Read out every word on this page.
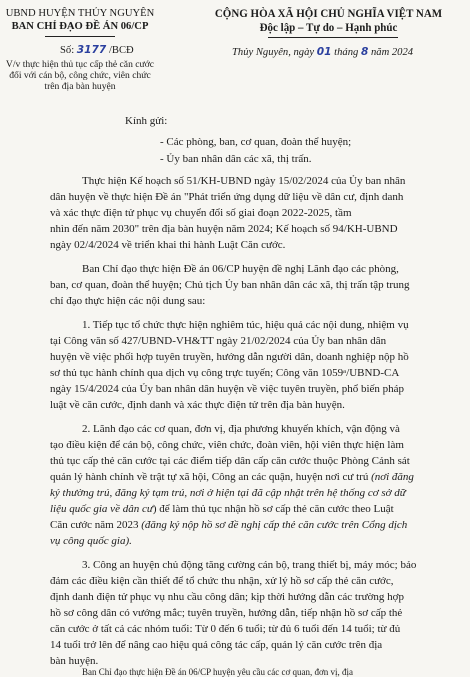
UBND HUYỆN THỦY NGUYÊN
BAN CHỈ ĐẠO ĐỀ ÁN 06/CP
Số: 3177 /BCĐ
V/v thực hiện thủ tục cấp thẻ căn cước
đối với cán bộ, công chức, viên chức
trên địa bàn huyện
CỘNG HÒA XÃ HỘI CHỦ NGHĨA VIỆT NAM
Độc lập – Tự do – Hạnh phúc
Thủy Nguyên, ngày 01 tháng 8 năm 2024
Kính gửi:
- Các phòng, ban, cơ quan, đoàn thể huyện;
- Ủy ban nhân dân các xã, thị trấn.
Thực hiện Kế hoạch số 51/KH-UBND ngày 15/02/2024 của Ủy ban nhân
dân huyện về thực hiện Đề án "Phát triển ứng dụng dữ liệu về dân cư, định danh
và xác thực điện tử phục vụ chuyển đổi số giai đoạn 2022-2025, tầm
nhìn đến năm 2030" trên địa bàn huyện năm 2024; Kế hoạch số 94/KH-UBND
ngày 02/4/2024 về triển khai thi hành Luật Căn cước.
Ban Chỉ đạo thực hiện Đề án 06/CP huyện đề nghị Lãnh đạo các phòng,
ban, cơ quan, đoàn thể huyện; Chủ tịch Ủy ban nhân dân các xã, thị trấn tập trung
chỉ đạo thực hiện các nội dung sau:
1. Tiếp tục tổ chức thực hiện nghiêm túc, hiệu quả các nội dung, nhiệm vụ
tại Công văn số 427/UBND-VH&TT ngày 21/02/2024 của Ủy ban nhân dân
huyện về việc phối hợp tuyên truyền, hướng dẫn người dân, doanh nghiệp nộp hồ
sơ thủ tục hành chính qua dịch vụ công trực tuyến; Công văn 1059ᵃ/UBND-CA
ngày 15/4/2024 của Ủy ban nhân dân huyện về việc tuyên truyền, phổ biến pháp
luật về căn cước, định danh và xác thực điện tử trên địa bàn huyện.
2. Lãnh đạo các cơ quan, đơn vị, địa phương khuyến khích, vận động và
tạo điều kiện để cán bộ, công chức, viên chức, đoàn viên, hội viên thực hiện làm
thủ tục cấp thẻ căn cước tại các điểm tiếp dân cấp căn cước thuộc Phòng Cảnh sát
quản lý hành chính về trật tự xã hội, Công an các quận, huyện nơi cư trú (nơi đăng
ký thường trú, đăng ký tạm trú, nơi ở hiện tại đã cập nhật trên hệ thống cơ sở dữ
liệu quốc gia về dân cư) để làm thủ tục nhận hồ sơ cấp thẻ căn cước theo Luật
Căn cước năm 2023 (đăng ký nộp hồ sơ đề nghị cấp thẻ căn cước trên Cổng dịch
vụ công quốc gia).
3. Công an huyện chủ động tăng cường cán bộ, trang thiết bị, máy móc; bảo
đảm các điều kiện cần thiết để tổ chức thu nhận, xử lý hồ sơ cấp thẻ căn cước,
định danh điện tử phục vụ nhu cầu công dân; kịp thời hướng dẫn các trường hợp
hồ sơ công dân có vướng mắc; tuyên truyền, hướng dẫn, tiếp nhận hồ sơ cấp thẻ
căn cước ở tất cả các nhóm tuổi: Từ 0 đến 6 tuổi; từ đủ 6 tuổi đến 14 tuổi; từ đủ
14 tuổi trở lên để nâng cao hiệu quả công tác cấp, quản lý căn cước trên địa
bàn huyện.
Ban Chỉ đạo thực hiện Đề án 06/CP huyện yêu cầu các cơ quan, đơn vị, địa
